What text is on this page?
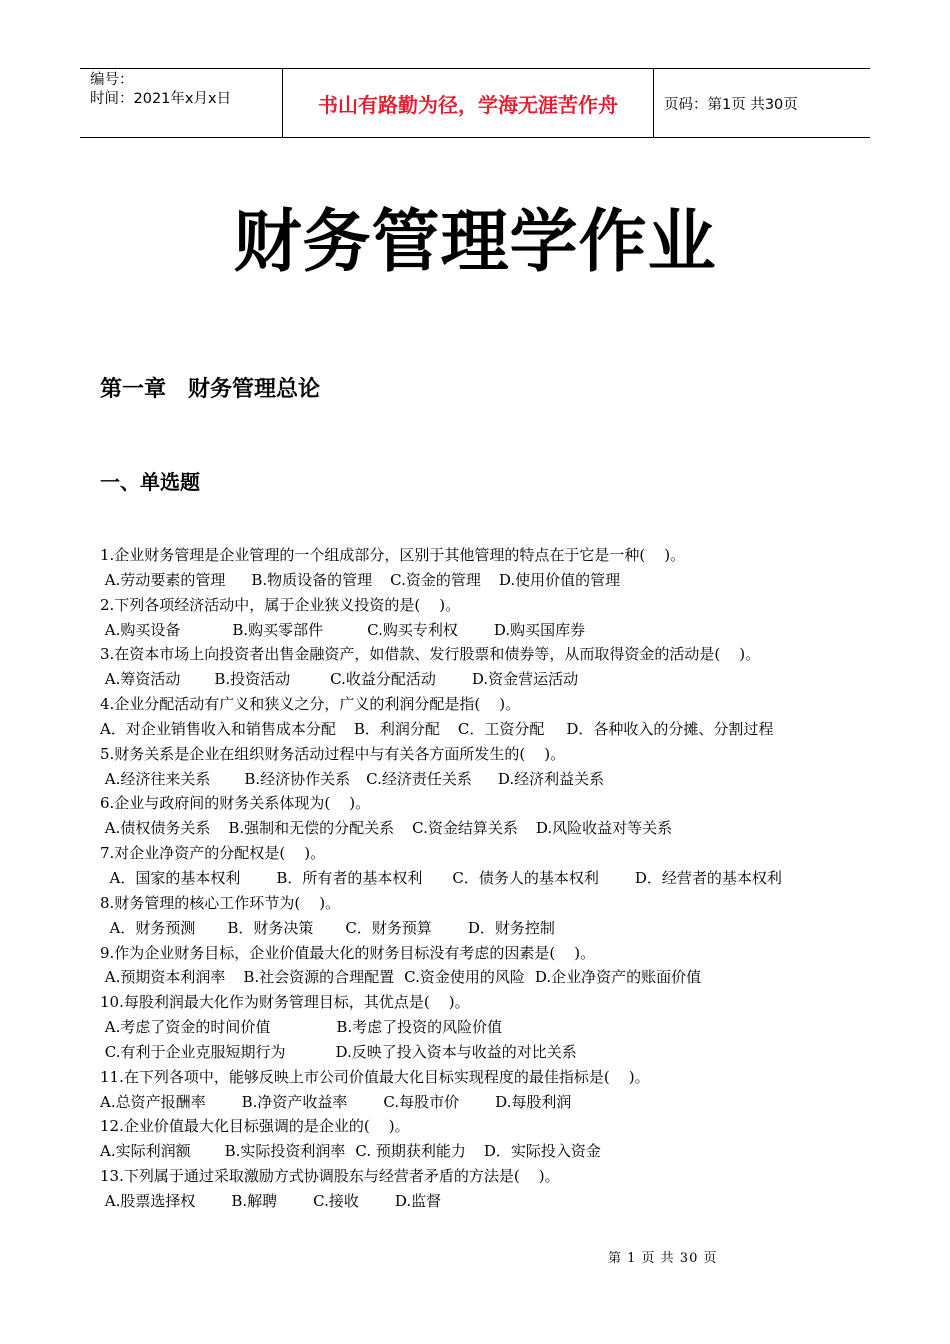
编号：
时间：2021年x月x日	书山有路勤为径，学海无涯苦作舟	页码：第1页 共30页
财务管理学作业
第一章　财务管理总论
一、单选题
1.企业财务管理是企业管理的一个组成部分，区别于其他管理的特点在于它是一种(    )。
A.劳动要素的管理 B.物质设备的管理 C.资金的管理 D.使用价值的管理
2.下列各项经济活动中，属于企业狭义投资的是(    )。
A.购买设备	B.购买零部件	C.购买专利权 D.购买国库券
3.在资本市场上向投资者出售金融资产，如借款、发行股票和债券等，从而取得资金的活动是(    )。
A.筹资活动 B.投资活动	C.收益分配活动 D.资金营运活动
4.企业分配活动有广义和狭义之分，广义的利润分配是指(    )。
A．对企业销售收入和销售成本分配 B．利润分配 C．工资分配 D．各种收入的分摊、分割过程
5.财务关系是企业在组织财务活动过程中与有关各方面所发生的(    )。
A.经济往来关系 B.经济协作关系 C.经济责任关系 D.经济利益关系
6.企业与政府间的财务关系体现为(    )。
A.债权债务关系 B.强制和无偿的分配关系 C.资金结算关系 D.风险收益对等关系
7.对企业净资产的分配权是(    )。
A．国家的基本权利 B．所有者的基本权利 C．债务人的基本权利 D．经营者的基本权利
8.财务管理的核心工作环节为(    )。
A．财务预测 B．财务决策 C．财务预算 D．财务控制
9.作为企业财务目标，企业价值最大化的财务目标没有考虑的因素是(    )。
A.预期资本利润率 B.社会资源的合理配置 C.资金使用的风险 D.企业净资产的账面价值
10.每股利润最大化作为财务管理目标，其优点是(    )。
A.考虑了资金的时间价值	B.考虑了投资的风险价值
C.有利于企业克服短期行为	D.反映了投入资本与收益的对比关系
11.在下列各项中，能够反映上市公司价值最大化目标实现程度的最佳指标是(    )。
A.总资产报酬率 B.净资产收益率 C.每股市价 D.每股利润
12.企业价值最大化目标强调的是企业的(    )。
A.实际利润额 B.实际投资利润率 C. 预期获利能力 D．实际投入资金
13.下列属于通过采取激励方式协调股东与经营者矛盾的方法是(    )。
A.股票选择权 B.解聘 C.接收 D.监督
第 1 页 共 30 页
